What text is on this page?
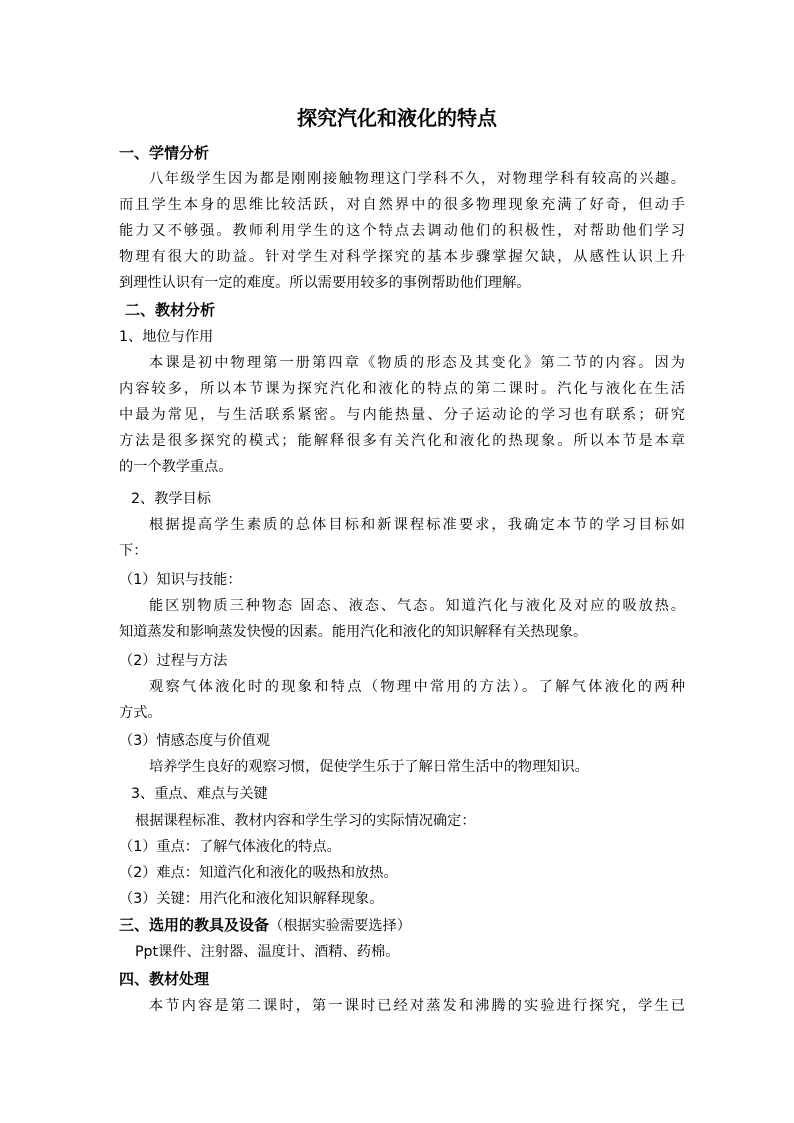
探究汽化和液化的特点
一、学情分析
八年级学生因为都是刚刚接触物理这门学科不久，对物理学科有较高的兴趣。
而且学生本身的思维比较活跃，对自然界中的很多物理现象充满了好奇，但动手
能力又不够强。教师利用学生的这个特点去调动他们的积极性，对帮助他们学习
物理有很大的助益。针对学生对科学探究的基本步骤掌握欠缺，从感性认识上升
到理性认识有一定的难度。所以需要用较多的事例帮助他们理解。
二、教材分析
1、地位与作用
本课是初中物理第一册第四章《物质的形态及其变化》第二节的内容。因为
内容较多，所以本节课为探究汽化和液化的特点的第二课时。汽化与液化在生活
中最为常见，与生活联系紧密。与内能热量、分子运动论的学习也有联系；研究
方法是很多探究的模式；能解释很多有关汽化和液化的热现象。所以本节是本章
的一个教学重点。
2、教学目标
根据提高学生素质的总体目标和新课程标准要求，我确定本节的学习目标如
下：
（1）知识与技能：
能区别物质三种物态 固态、液态、气态。知道汽化与液化及对应的吸放热。
知道蒸发和影响蒸发快慢的因素。能用汽化和液化的知识解释有关热现象。
（2）过程与方法
观察气体液化时的现象和特点（物理中常用的方法）。了解气体液化的两种
方式。
（3）情感态度与价值观
培养学生良好的观察习惯，促使学生乐于了解日常生活中的物理知识。
3、重点、难点与关键
根据课程标准、教材内容和学生学习的实际情况确定：
（1）重点：了解气体液化的特点。
（2）难点：知道汽化和液化的吸热和放热。
（3）关键：用汽化和液化知识解释现象。
三、选用的教具及设备（根据实验需要选择）
Ppt课件、注射器、温度计、酒精、药棉。
四、教材处理
本节内容是第二课时，第一课时已经对蒸发和沸腾的实验进行探究，学生已
